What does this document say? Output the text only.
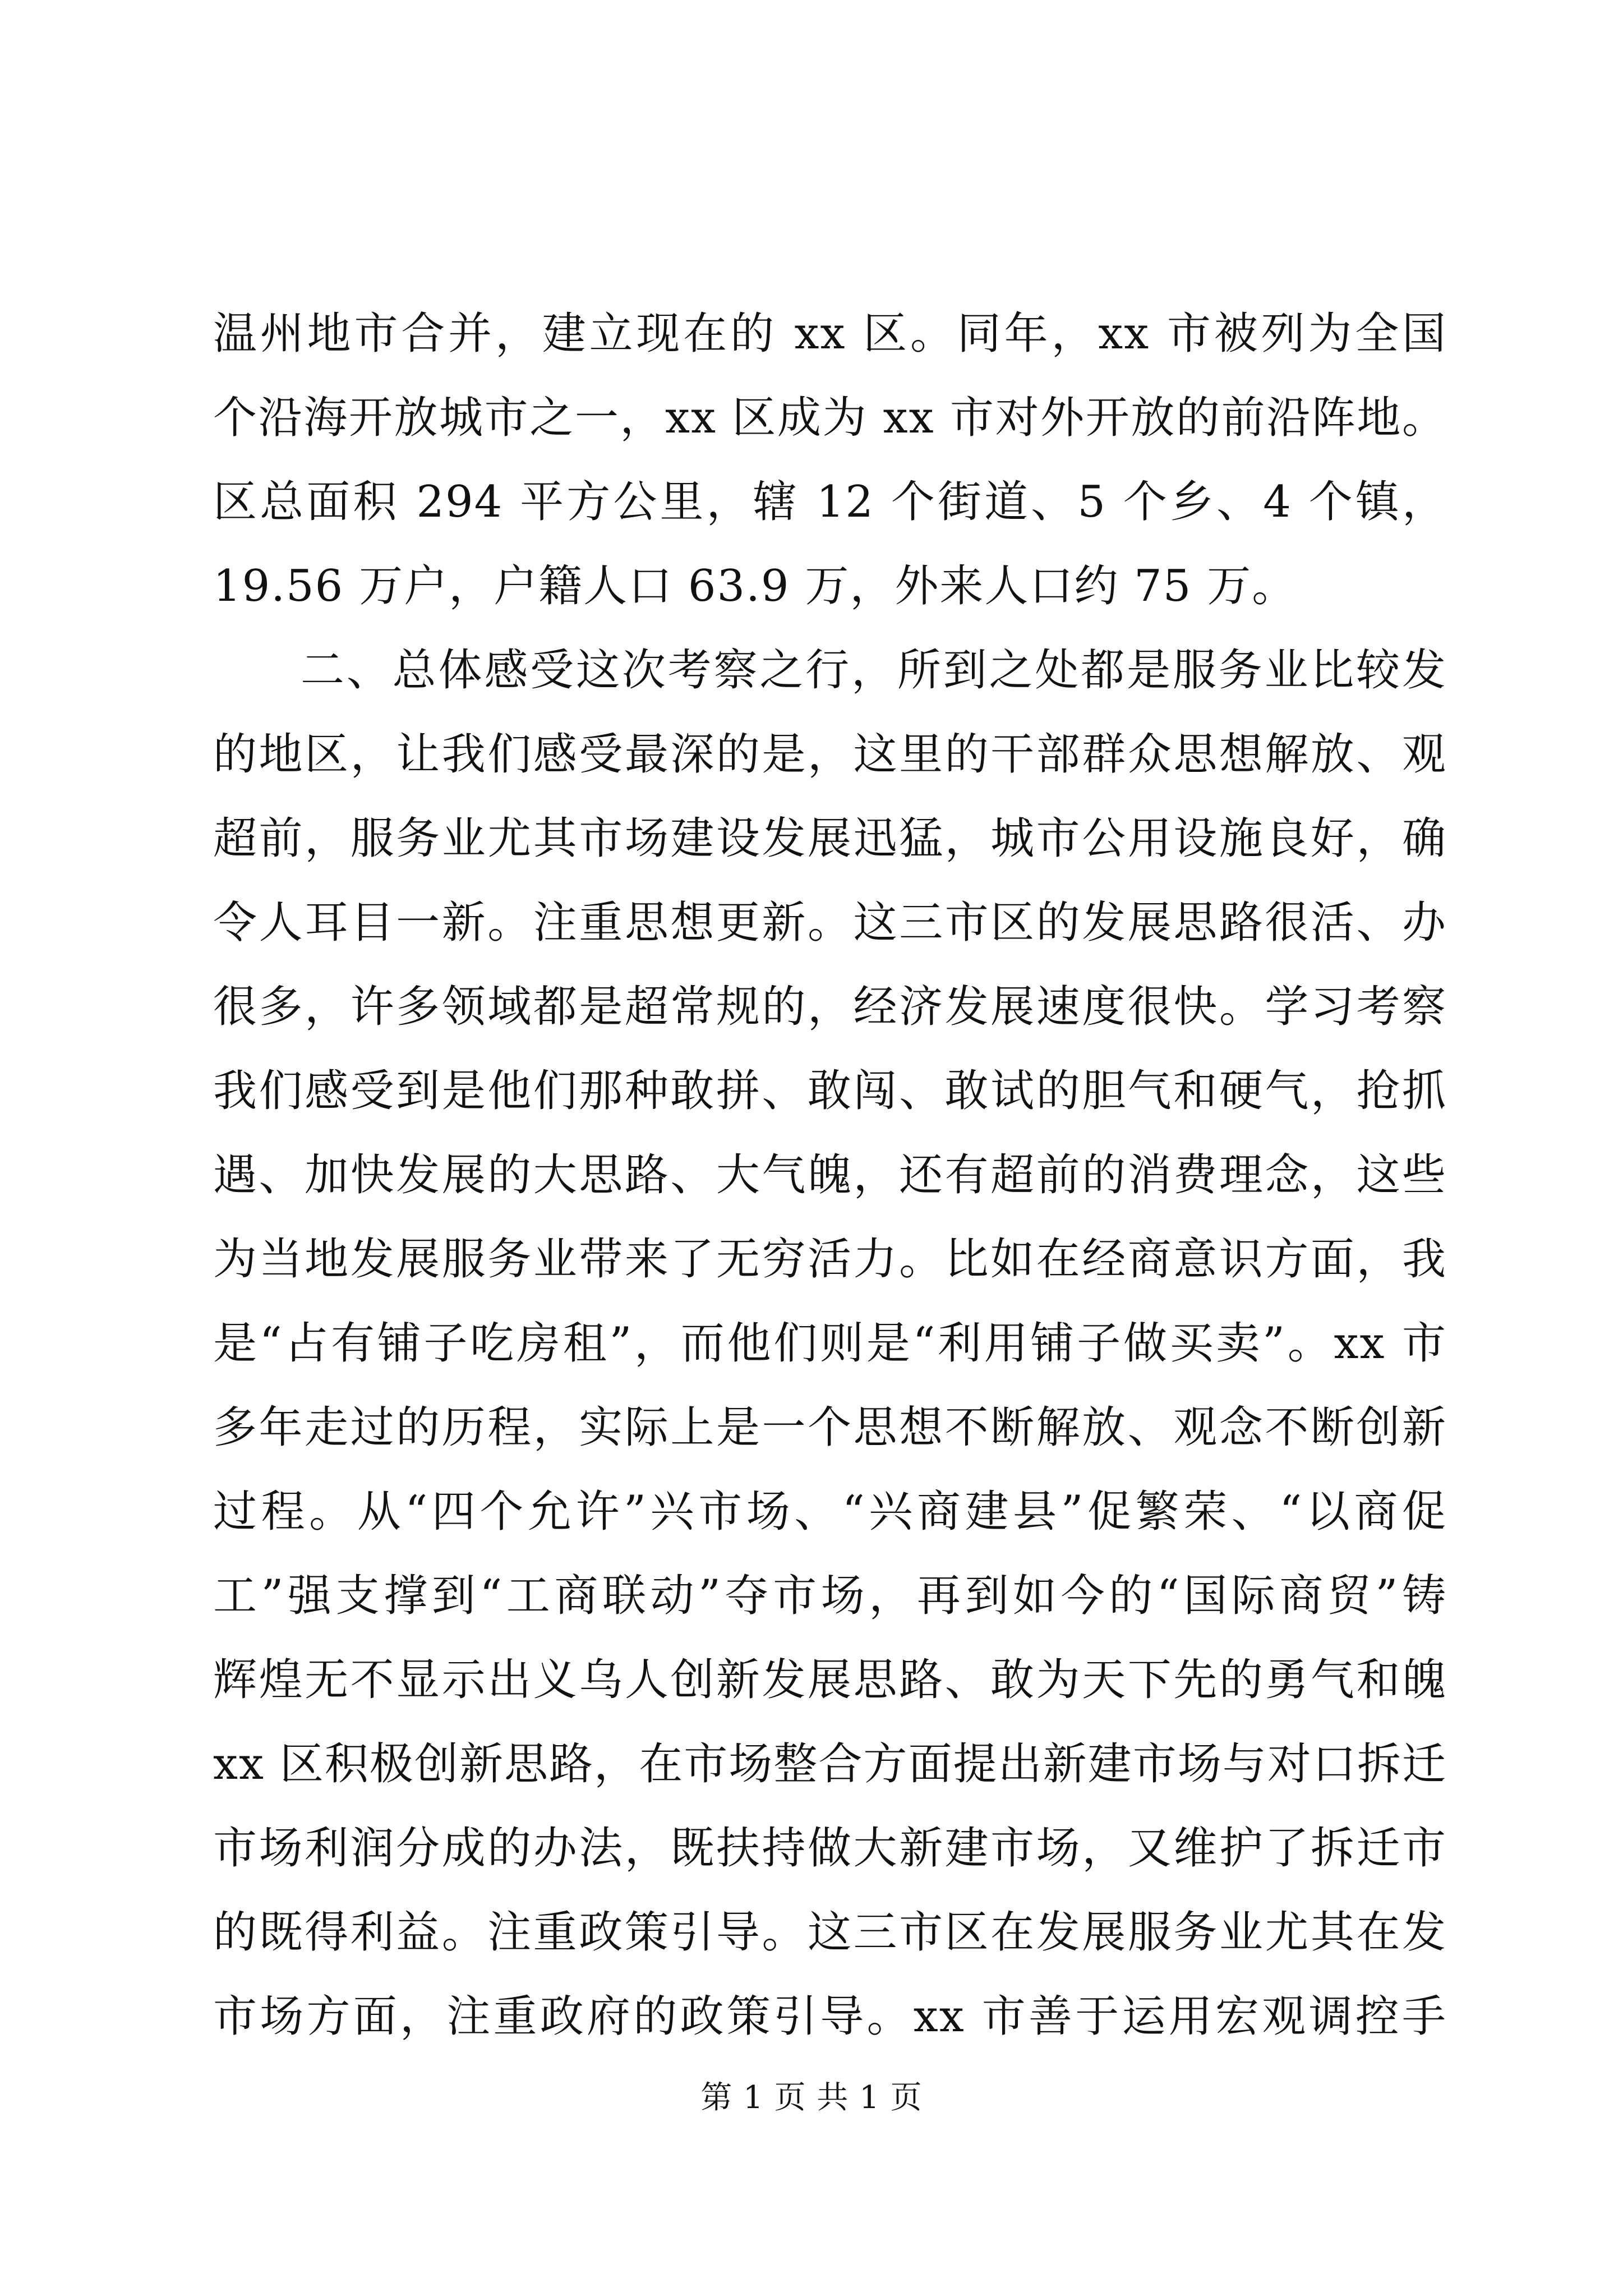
温州地市合并，建立现在的 xx 区。同年，xx 市被列为全国
个沿海开放城市之一，xx 区成为 xx 市对外开放的前沿阵地。
区总面积 294 平方公里，辖 12 个街道、5 个乡、4 个镇，
19.56 万户，户籍人口 63.9 万，外来人口约 75 万。
二、总体感受这次考察之行，所到之处都是服务业比较发
的地区，让我们感受最深的是，这里的干部群众思想解放、观
超前，服务业尤其市场建设发展迅猛，城市公用设施良好，确
令人耳目一新。注重思想更新。这三市区的发展思路很活、办
很多，许多领域都是超常规的，经济发展速度很快。学习考察
我们感受到是他们那种敢拼、敢闯、敢试的胆气和硬气，抢抓
遇、加快发展的大思路、大气魄，还有超前的消费理念，这些
为当地发展服务业带来了无穷活力。比如在经商意识方面，我
是“占有铺子吃房租”，而他们则是“利用铺子做买卖”。xx 市
多年走过的历程，实际上是一个思想不断解放、观念不断创新
过程。从“四个允许”兴市场、“兴商建县”促繁荣、“以商促
工”强支撑到“工商联动”夺市场，再到如今的“国际商贸”铸
辉煌无不显示出义乌人创新发展思路、敢为天下先的勇气和魄
xx 区积极创新思路，在市场整合方面提出新建市场与对口拆迁
市场利润分成的办法，既扶持做大新建市场，又维护了拆迁市
的既得利益。注重政策引导。这三市区在发展服务业尤其在发
市场方面，注重政府的政策引导。xx 市善于运用宏观调控手
第 1 页 共 1 页
